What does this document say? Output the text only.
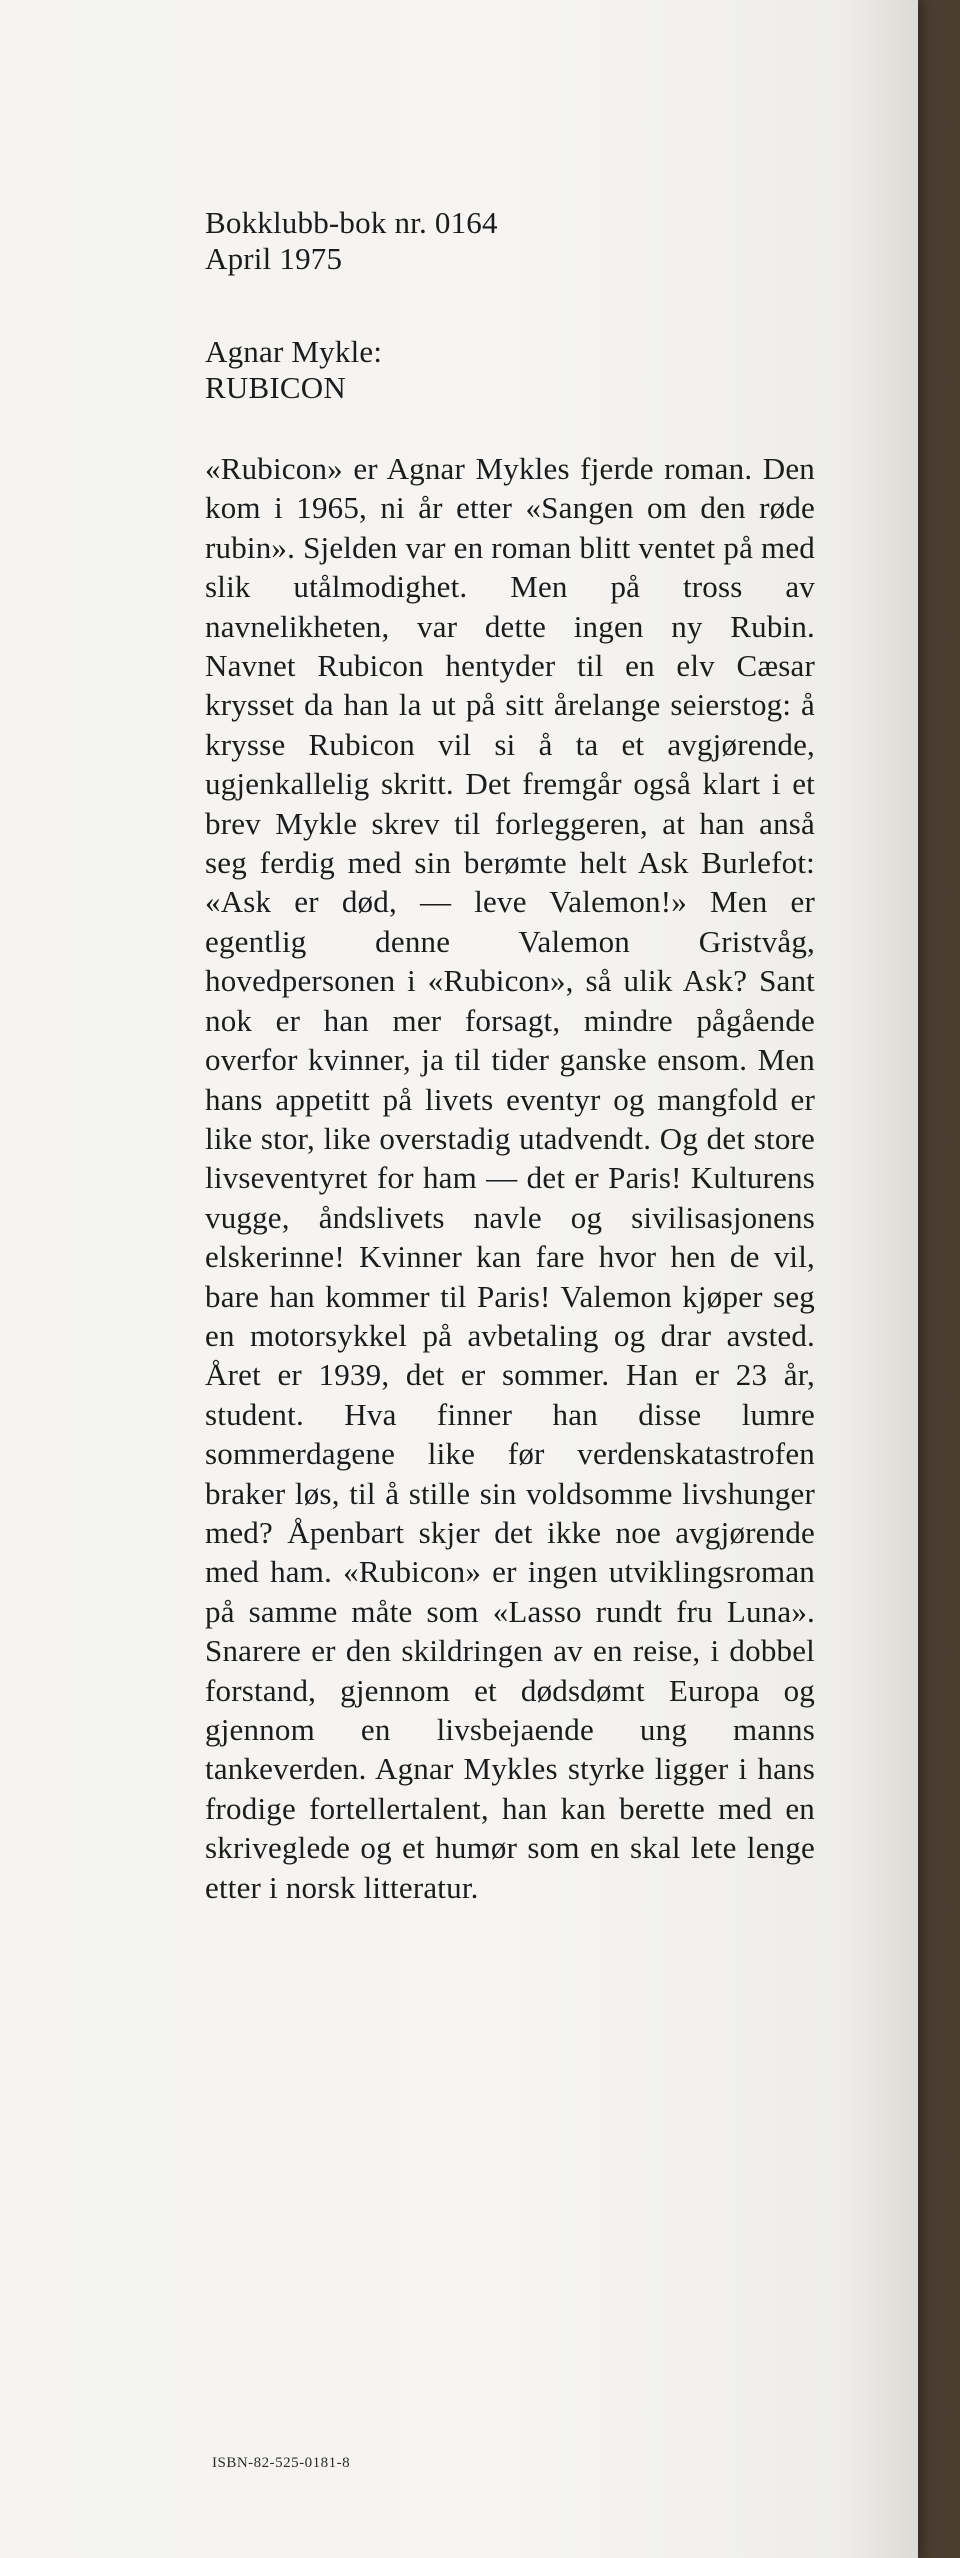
Bokklubb-bok nr. 0164

April 1975

Agnar Mykle:

RUBICON

«Rubicon» er Agnar Mykles fjerde roman. Den kom i 1965, ni år etter «Sangen om den røde rubin». Sjelden var en roman blitt ventet på med slik utålmodighet. Men på tross av navnelikheten, var dette ingen ny Rubin. Navnet Rubicon hentyder til en elv Cæsar krysset da han la ut på sitt årelange seierstog: å krysse Rubicon vil si å ta et avgjørende, ugjenkallelig skritt. Det fremgår også klart i et brev Mykle skrev til forleggeren, at han anså seg ferdig med sin berømte helt Ask Burlefot: «Ask er død, — leve Valemon!» Men er egentlig denne Valemon Gristvåg, hovedpersonen i «Rubicon», så ulik Ask? Sant nok er han mer forsagt, mindre pågående overfor kvinner, ja til tider ganske ensom. Men hans appetitt på livets eventyr og mangfold er like stor, like overstadig utadvendt. Og det store livseventyret for ham — det er Paris! Kulturens vugge, åndslivets navle og sivilisasjonens elskerinne! Kvinner kan fare hvor hen de vil, bare han kommer til Paris! Valemon kjøper seg en motorsykkel på avbetaling og drar avsted. Året er 1939, det er sommer. Han er 23 år, student. Hva finner han disse lumre sommerdagene like før verdenskatastrofen braker løs, til å stille sin voldsomme livshunger med? Åpenbart skjer det ikke noe avgjørende med ham. «Rubicon» er ingen utviklingsroman på samme måte som «Lasso rundt fru Luna». Snarere er den skildringen av en reise, i dobbel forstand, gjennom et dødsdømt Europa og gjennom en livsbejaende ung manns tankeverden. Agnar Mykles styrke ligger i hans frodige fortellertalent, han kan berette med en skriveglede og et humør som en skal lete lenge etter i norsk litteratur.

ISBN-82-525-0181-8
